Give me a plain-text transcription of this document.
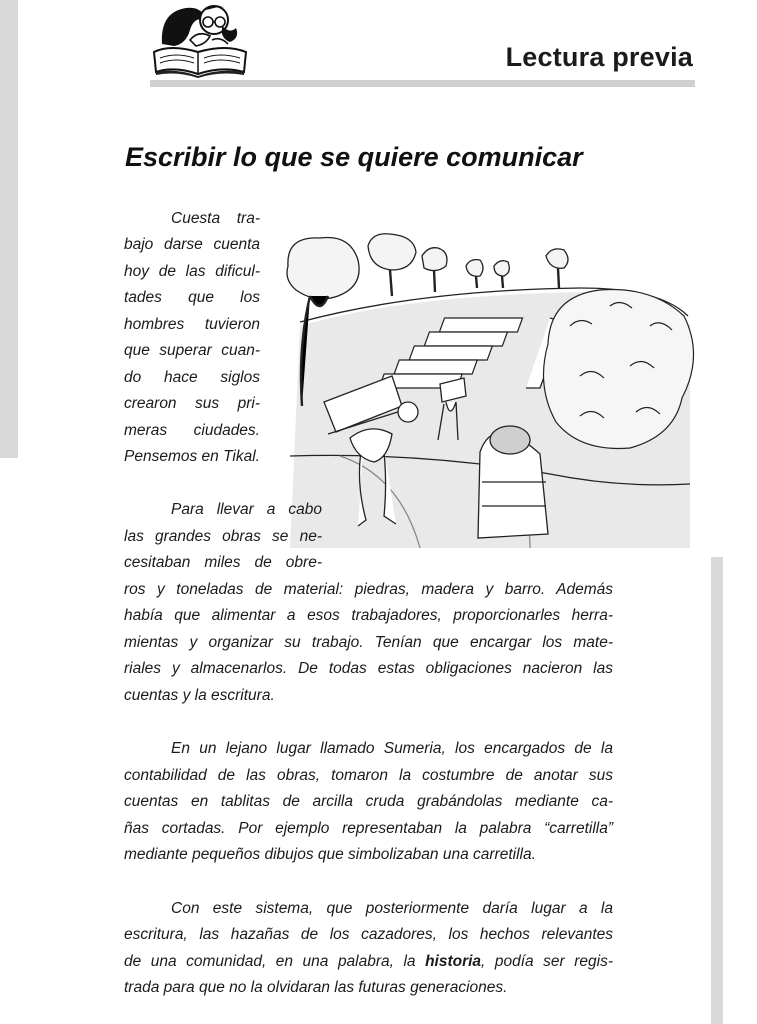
Lectura previa
Escribir lo que se quiere comunicar
Cuesta tra-
bajo darse cuenta
hoy de las dificul-
tades que los
hombres tuvieron
que superar cuan-
do hace siglos
crearon sus pri-
meras ciudades.
Pensemos en Tikal.
Para llevar a cabo
las grandes obras se ne-
cesitaban miles de obre-
ros y toneladas de material: piedras, madera y barro. Además
había que alimentar a esos trabajadores, proporcionarles herra-
mientas y organizar su trabajo. Tenían que encargar los mate-
riales y almacenarlos. De todas estas obligaciones nacieron las
cuentas y la escritura.
En un lejano lugar llamado Sumeria, los encargados de la
contabilidad de las obras, tomaron la costumbre de anotar sus
cuentas en tablitas de arcilla cruda grabándolas mediante ca-
ñas cortadas. Por ejemplo representaban la palabra “carretilla”
mediante pequeños dibujos que simbolizaban una carretilla.
Con este sistema, que posteriormente daría lugar a la
escritura, las hazañas de los cazadores, los hechos relevantes
de una comunidad, en una palabra, la historia, podía ser regis-
trada para que no la olvidaran las futuras generaciones.
